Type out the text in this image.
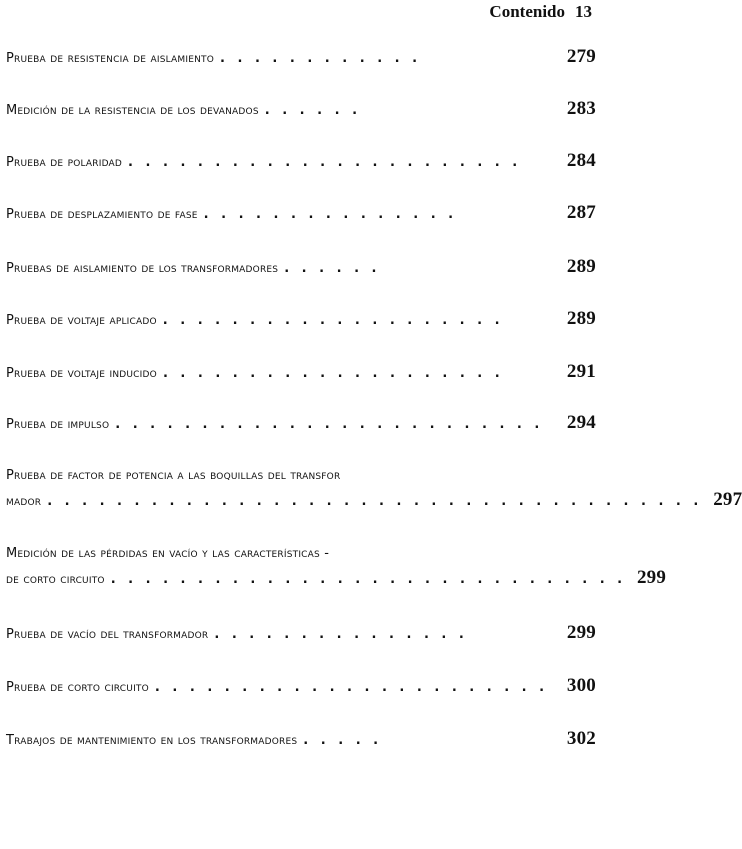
Contenido 13
Prueba de resistencia de aislamiento . . . . . . . . . . . .	279
Medición de la resistencia de los devanados . . . . . .	283
Prueba de polaridad . . . . . . . . . . . . . . . . . . . . . . .	284
Prueba de desplazamiento de fase . . . . . . . . . . . . . . .	287
Pruebas de aislamiento de los transformadores . . . . . .	289
Prueba de voltaje aplicado . . . . . . . . . . . . . . . . . . . .	289
Prueba de voltaje inducido . . . . . . . . . . . . . . . . . . . .	291
Prueba de impulso . . . . . . . . . . . . . . . . . . . . . . . . .	294
Prueba de factor de potencia a las boquillas del transfor
mador . . . . . . . . . . . . . . . . . . . . . . . . . . . . . . . . . . . . . . 297
Medición de las pérdidas en vacío y las características -
de corto circuito . . . . . . . . . . . . . . . . . . . . . . . . . . . . . . 299
Prueba de vacío del transformador . . . . . . . . . . . . . . .	299
Prueba de corto circuito . . . . . . . . . . . . . . . . . . . . . . . 300
Trabajos de mantenimiento en los transformadores . . . . .	302
